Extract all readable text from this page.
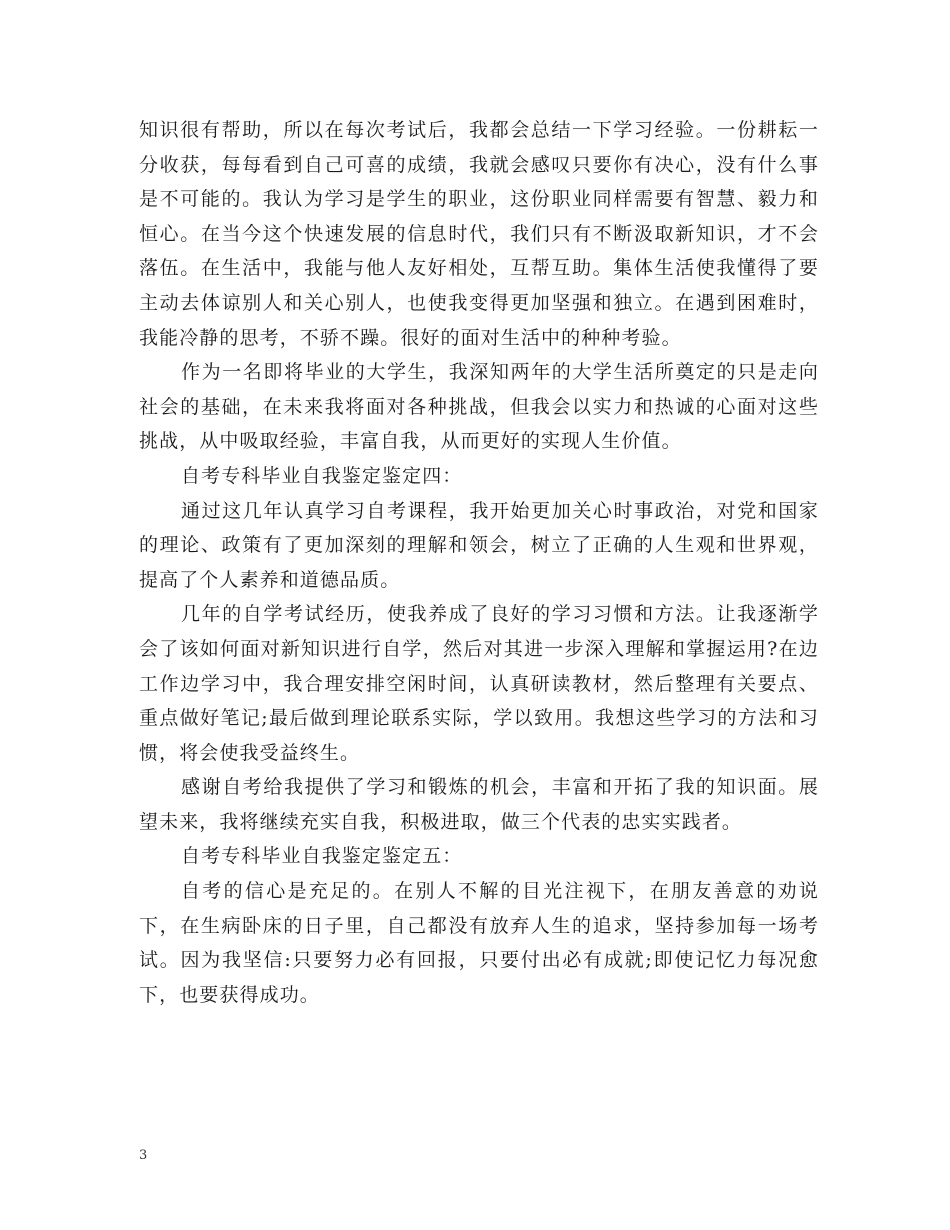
知识很有帮助，所以在每次考试后，我都会总结一下学习经验。一份耕耘一分收获，每每看到自己可喜的成绩，我就会感叹只要你有决心，没有什么事是不可能的。我认为学习是学生的职业，这份职业同样需要有智慧、毅力和恒心。在当今这个快速发展的信息时代，我们只有不断汲取新知识，才不会落伍。在生活中，我能与他人友好相处，互帮互助。集体生活使我懂得了要主动去体谅别人和关心别人，也使我变得更加坚强和独立。在遇到困难时，我能冷静的思考，不骄不躁。很好的面对生活中的种种考验。

作为一名即将毕业的大学生，我深知两年的大学生活所奠定的只是走向社会的基础，在未来我将面对各种挑战，但我会以实力和热诚的心面对这些挑战，从中吸取经验，丰富自我，从而更好的实现人生价值。

自考专科毕业自我鉴定鉴定四：

通过这几年认真学习自考课程，我开始更加关心时事政治，对党和国家的理论、政策有了更加深刻的理解和领会，树立了正确的人生观和世界观，提高了个人素养和道德品质。

几年的自学考试经历，使我养成了良好的学习习惯和方法。让我逐渐学会了该如何面对新知识进行自学，然后对其进一步深入理解和掌握运用?在边工作边学习中，我合理安排空闲时间，认真研读教材，然后整理有关要点、重点做好笔记;最后做到理论联系实际，学以致用。我想这些学习的方法和习惯，将会使我受益终生。

感谢自考给我提供了学习和锻炼的机会，丰富和开拓了我的知识面。展望未来，我将继续充实自我，积极进取，做三个代表的忠实实践者。

自考专科毕业自我鉴定鉴定五：

自考的信心是充足的。在别人不解的目光注视下，在朋友善意的劝说下，在生病卧床的日子里，自己都没有放弃人生的追求，坚持参加每一场考试。因为我坚信:只要努力必有回报，只要付出必有成就;即使记忆力每况愈下，也要获得成功。

3
